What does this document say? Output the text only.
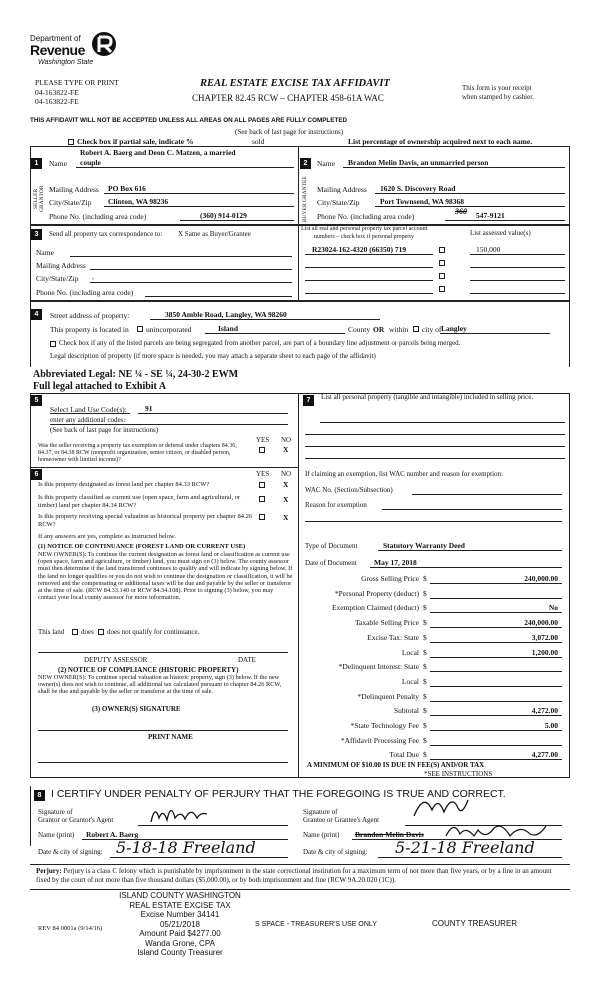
Department of
Revenue
Washington State
PLEASE TYPE OR PRINT
04-163822-FE
04-163822-FE
REAL ESTATE EXCISE TAX AFFIDAVIT
CHAPTER 82.45 RCW – CHAPTER 458-61A WAC
This form is your receipt
when stamped by cashier.
THIS AFFIDAVIT WILL NOT BE ACCEPTED UNLESS ALL AREAS ON ALL PAGES ARE FULLY COMPLETED
(See back of last page for instructions)
Check box if partial sale, indicate %	sold	List percentage of ownership acquired next to each name.
1
SELLER GRANTOR
Robert A. Baerg and Deon C. Matzen, a married
Name couple
Mailing Address PO Box 616
City/State/Zip Clinton, WA 98236
Phone No. (including area code)	(360) 914-0129
2
BUYER GRANTEE
Name Brandon Melin Davis, an unmarried person
Mailing Address 1620 S. Discovery Road
City/State/Zip	Port Townsend, WA 98368
Phone No. (including area code)
360 547-9121
3	Send all property tax correspondence to: X Same as Buyer/Grantee
Name
Mailing Address
City/State/Zip ,
Phone No. (including area code)
List all real and personal property tax parcel account
numbers – check box if personal property	List assessed value(s)
R23024-162-4320 (66350) 719	150,000
4	Street address of property:	3850 Amble Road, Langley, WA 98260
This property is located in unincorporated	Island	County OR within city of Langley
Check box if any of the listed parcels are being segregated from another parcel, are part of a boundary line adjustment or parcels being merged.
Legal description of property (if more space is needed, you may attach a separate sheet to each page of the affidavit)
Abbreviated Legal: NE ¼ - SE ¼, 24-30-2 EWM
Full legal attached to Exhibit A
5
Select Land Use Code(s): 91
enter any additional codes:
(See back of last page for instructions)
YES NO
Was the seller receiving a property tax exemption or deferral under chapters 84.36, 84.37, or 84.38 RCW (nonprofit organization, senior citizen, or disabled person, homeowner with limited income)?
X
6	YES NO
Is this property designated as forest land per chapter 84.33 RCW?	X
Is this property classified as current use (open space, farm and agricultural, or timber) land per chapter 84.34 RCW?
X
Is this property receiving special valuation as historical property per chapter 84.26 RCW?
X
If any answers are yes, complete as instructed below.
(1) NOTICE OF CONTINUANCE (FOREST LAND OR CURRENT USE)
NEW OWNER(S): To continue the current designation as forest land or classification as current use (open space, farm and agriculture, or timber) land, you must sign on (3) below. The county assessor must then determine if the land transferred continues to qualify and will indicate by signing below. If the land no longer qualifies or you do not wish to continue the designation or classification, it will be removed and the compensating or additional taxes will be due and payable by the seller or transferor at the time of sale. (RCW 84.33.140 or RCW 84.34.108). Prior to signing (3) below, you may contact your local county assessor for more information.
This land does does not qualify for continuance.
DEPUTY ASSESSOR	DATE
(2) NOTICE OF COMPLIANCE (HISTORIC PROPERTY)
NEW OWNER(S): To continue special valuation as historic property, sign (3) below. If the new owner(s) does not wish to continue, all additional tax calculated pursuant to chapter 84.26 RCW, shall be due and payable by the seller or transferor at the time of sale.
(3) OWNER(S) SIGNATURE
PRINT NAME
7	List all personal property (tangible and intangible) included in selling price.
If claiming an exemption, list WAC number and reason for exemption:
WAC No. (Section/Subsection)
Reason for exemption
Type of Document	Statutory Warranty Deed
Date of Document May 17, 2018
Gross Selling Price $	240,000.00
*Personal Property (deduct) $
Exemption Claimed (deduct) $	No
Taxable Selling Price $	240,000.00
Excise Tax: State $	3,072.00
Local $	1,200.00
*Delinquent Interest: State $
Local $
*Delinquent Penalty $
Subtotal $	4,272.00
*State Technology Fee $	5.00
*Affidavit Processing Fee $
Total Due $	4,277.00
A MINIMUM OF $10.00 IS DUE IN FEE(S) AND/OR TAX
*SEE INSTRUCTIONS
8 I CERTIFY UNDER PENALTY OF PERJURY THAT THE FOREGOING IS TRUE AND CORRECT.
Signature of
Grantor or Grantor's Agent
Name (print) Robert A. Baerg
Date & city of signing: 5-18-18 Freeland
Signature of
Grantee or Grantee's Agent
Name (print) Brandon Melin Davis
Date & city of signing: 5-21-18 Freeland
Perjury: Perjury is a class C felony which is punishable by imprisonment in the state correctional institution for a maximum term of not more than five years, or by a fine in an amount fixed by the court of not more than five thousand dollars ($5,000.00), or by both imprisonment and fine (RCW 9A.20.020 (1C)).
ISLAND COUNTY WASHINGTON
REAL ESTATE EXCISE TAX
Excise Number 34141
05/21/2018
Amount Paid $4277.00
Wanda Grone, CPA
Island County Treasurer
REV 84 0001a (9/14/16)
S SPACE - TREASURER'S USE ONLY	COUNTY TREASURER
